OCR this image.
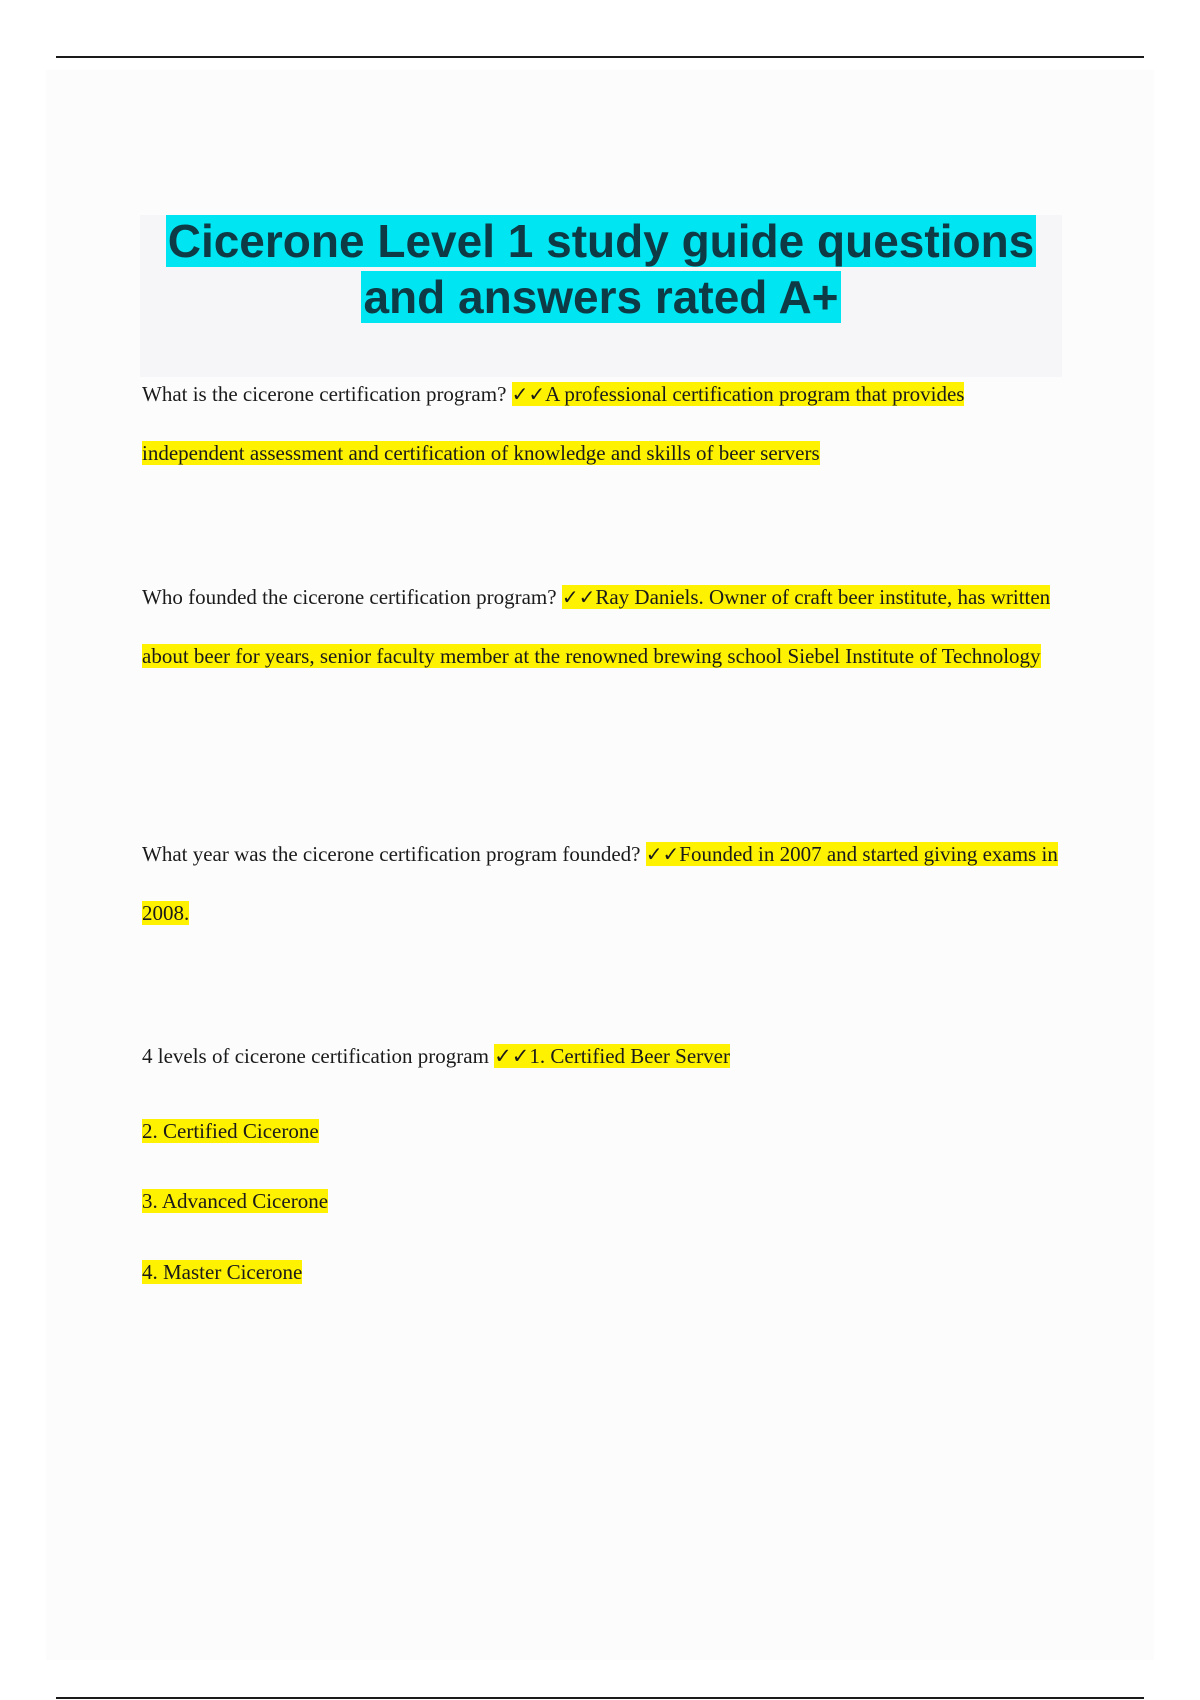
Cicerone Level 1 study guide questions
and answers rated A+

What is the cicerone certification program? ✓✓A professional certification program that provides independent assessment and certification of knowledge and skills of beer servers

Who founded the cicerone certification program? ✓✓Ray Daniels. Owner of craft beer institute, has written about beer for years, senior faculty member at the renowned brewing school Siebel Institute of Technology

What year was the cicerone certification program founded? ✓✓Founded in 2007 and started giving exams in 2008.

4 levels of cicerone certification program ✓✓1. Certified Beer Server

2. Certified Cicerone

3. Advanced Cicerone

4. Master Cicerone
